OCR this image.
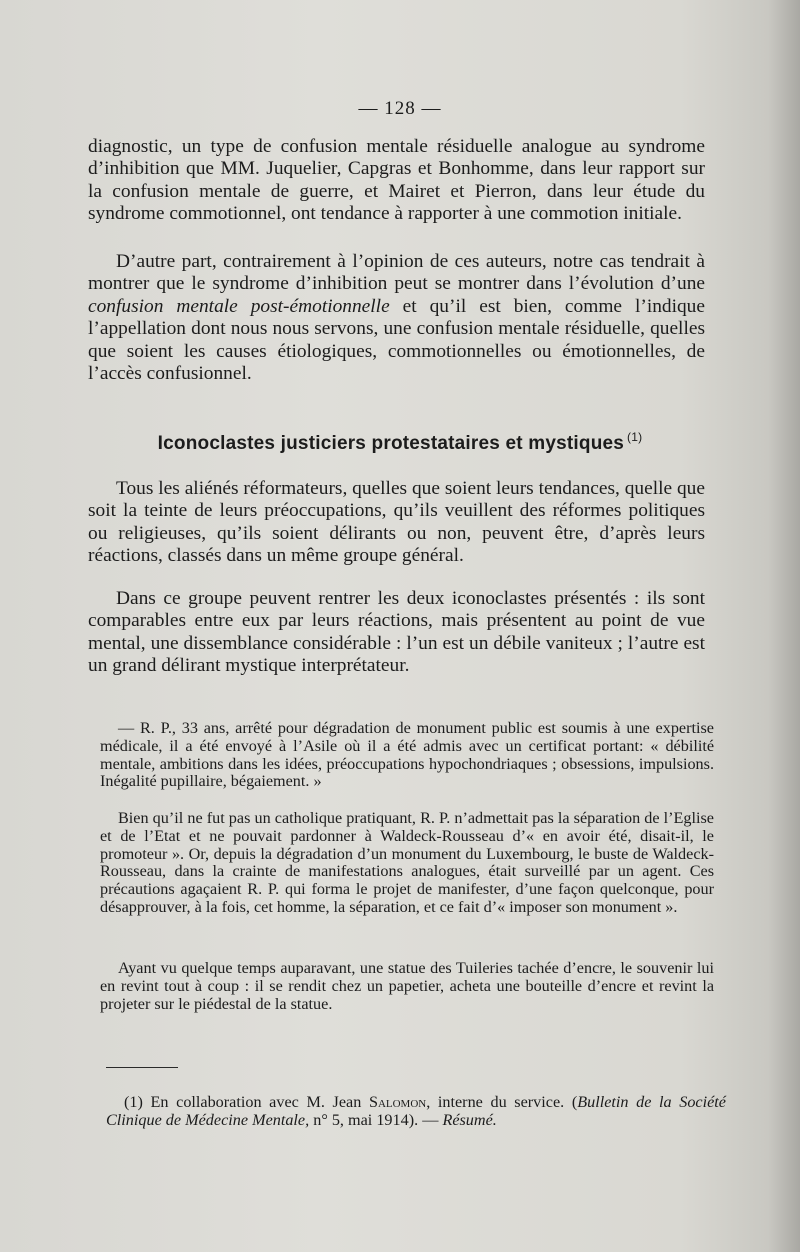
— 128 —

diagnostic, un type de confusion mentale résiduelle analogue au syndrome d’inhibition que MM. Juquelier, Capgras et Bonhomme, dans leur rapport sur la confusion mentale de guerre, et Mairet et Pierron, dans leur étude du syndrome commotionnel, ont tendance à rapporter à une commotion initiale.

D’autre part, contrairement à l’opinion de ces auteurs, notre cas tendrait à montrer que le syndrome d’inhibition peut se montrer dans l’évolution d’une confusion mentale post-émotionnelle et qu’il est bien, comme l’indique l’appellation dont nous nous servons, une confusion mentale résiduelle, quelles que soient les causes étiologiques, commotionnelles ou émotionnelles, de l’accès confusionnel.

Iconoclastes justiciers protestataires et mystiques $^{(1)}$

Tous les aliénés réformateurs, quelles que soient leurs tendances, quelle que soit la teinte de leurs préoccupations, qu’ils veuillent des réformes politiques ou religieuses, qu’ils soient délirants ou non, peuvent être, d’après leurs réactions, classés dans un même groupe général.

Dans ce groupe peuvent rentrer les deux iconoclastes présentés : ils sont comparables entre eux par leurs réactions, mais présentent au point de vue mental, une dissemblance considérable : l’un est un débile vaniteux ; l’autre est un grand délirant mystique interprétateur.

— R. P., 33 ans, arrêté pour dégradation de monument public est soumis à une expertise médicale, il a été envoyé à l’Asile où il a été admis avec un certificat portant: « débilité mentale, ambitions dans les idées, préoccupations hypochondriaques ; obsessions, impulsions. Inégalité pupillaire, bégaiement. »

Bien qu’il ne fut pas un catholique pratiquant, R. P. n’admettait pas la séparation de l’Eglise et de l’Etat et ne pouvait pardonner à Waldeck-Rousseau d’« en avoir été, disait-il, le promoteur ». Or, depuis la dégradation d’un monument du Luxembourg, le buste de Waldeck-Rousseau, dans la crainte de manifestations analogues, était surveillé par un agent. Ces précautions agaçaient R. P. qui forma le projet de manifester, d’une façon quelconque, pour désapprouver, à la fois, cet homme, la séparation, et ce fait d’« imposer son monument ».

Ayant vu quelque temps auparavant, une statue des Tuileries tachée d’encre, le souvenir lui en revint tout à coup : il se rendit chez un papetier, acheta une bouteille d’encre et revint la projeter sur le piédestal de la statue.

(1) En collaboration avec M. Jean Salomon, interne du service. (Bulletin de la Société Clinique de Médecine Mentale, n° 5, mai 1914). — Résumé.
